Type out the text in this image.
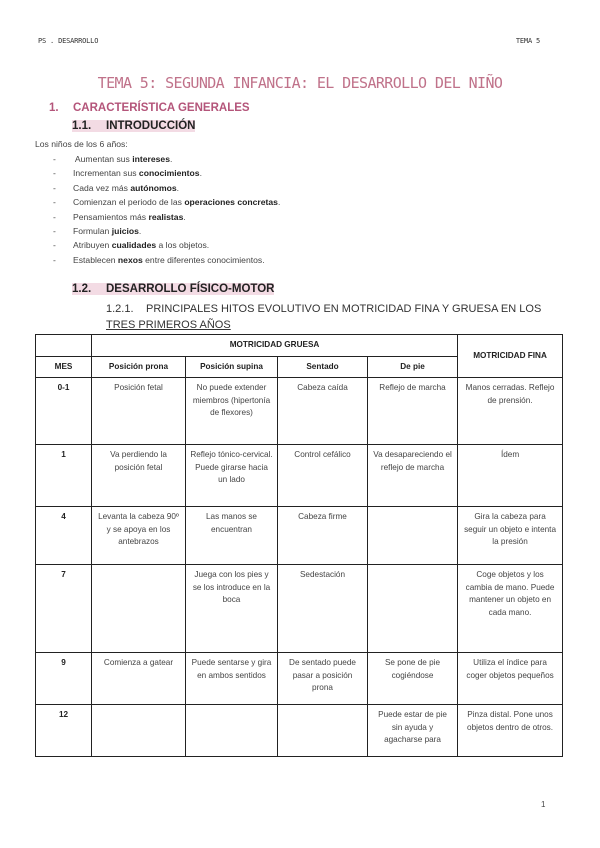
PS . DESARROLLO	TEMA 5
TEMA 5: SEGUNDA INFANCIA: EL DESARROLLO DEL NIÑO
1. CARACTERÍSTICA GENERALES
1.1. INTRODUCCIÓN
Los niños de los 6 años:
- Aumentan sus intereses.
- Incrementan sus conocimientos.
- Cada vez más autónomos.
- Comienzan el periodo de las operaciones concretas.
- Pensamientos más realistas.
- Formulan juicios.
- Atribuyen cualidades a los objetos.
- Establecen nexos entre diferentes conocimientos.
1.2. DESARROLLO FÍSICO-MOTOR
1.2.1. PRINCIPALES HITOS EVOLUTIVO EN MOTRICIDAD FINA Y GRUESA EN LOS
TRES PRIMEROS AÑOS
	MOTRICIDAD GRUESA				MOTRICIDAD FINA
MES	Posición prona	Posición supina	Sentado	De pie	
0-1	Posición fetal	No puede extender miembros (hipertonía de flexores)	Cabeza caída	Reflejo de marcha	Manos cerradas. Reflejo de prensión.
1	Va perdiendo la posición fetal	Reflejo tónico-cervical. Puede girarse hacia un lado	Control cefálico	Va desapareciendo el reflejo de marcha	Ídem
4	Levanta la cabeza 90º y se apoya en los antebrazos	Las manos se encuentran	Cabeza firme		Gira la cabeza para seguir un objeto e intenta la presión
7		Juega con los pies y se los introduce en la boca	Sedestación		Coge objetos y los cambia de mano. Puede mantener un objeto en cada mano.
9	Comienza a gatear	Puede sentarse y gira en ambos sentidos	De sentado puede pasar a posición prona	Se pone de pie cogiéndose	Utiliza el índice para coger objetos pequeños
12				Puede estar de pie sin ayuda y agacharse para	Pinza distal. Pone unos objetos dentro de otros.
1
